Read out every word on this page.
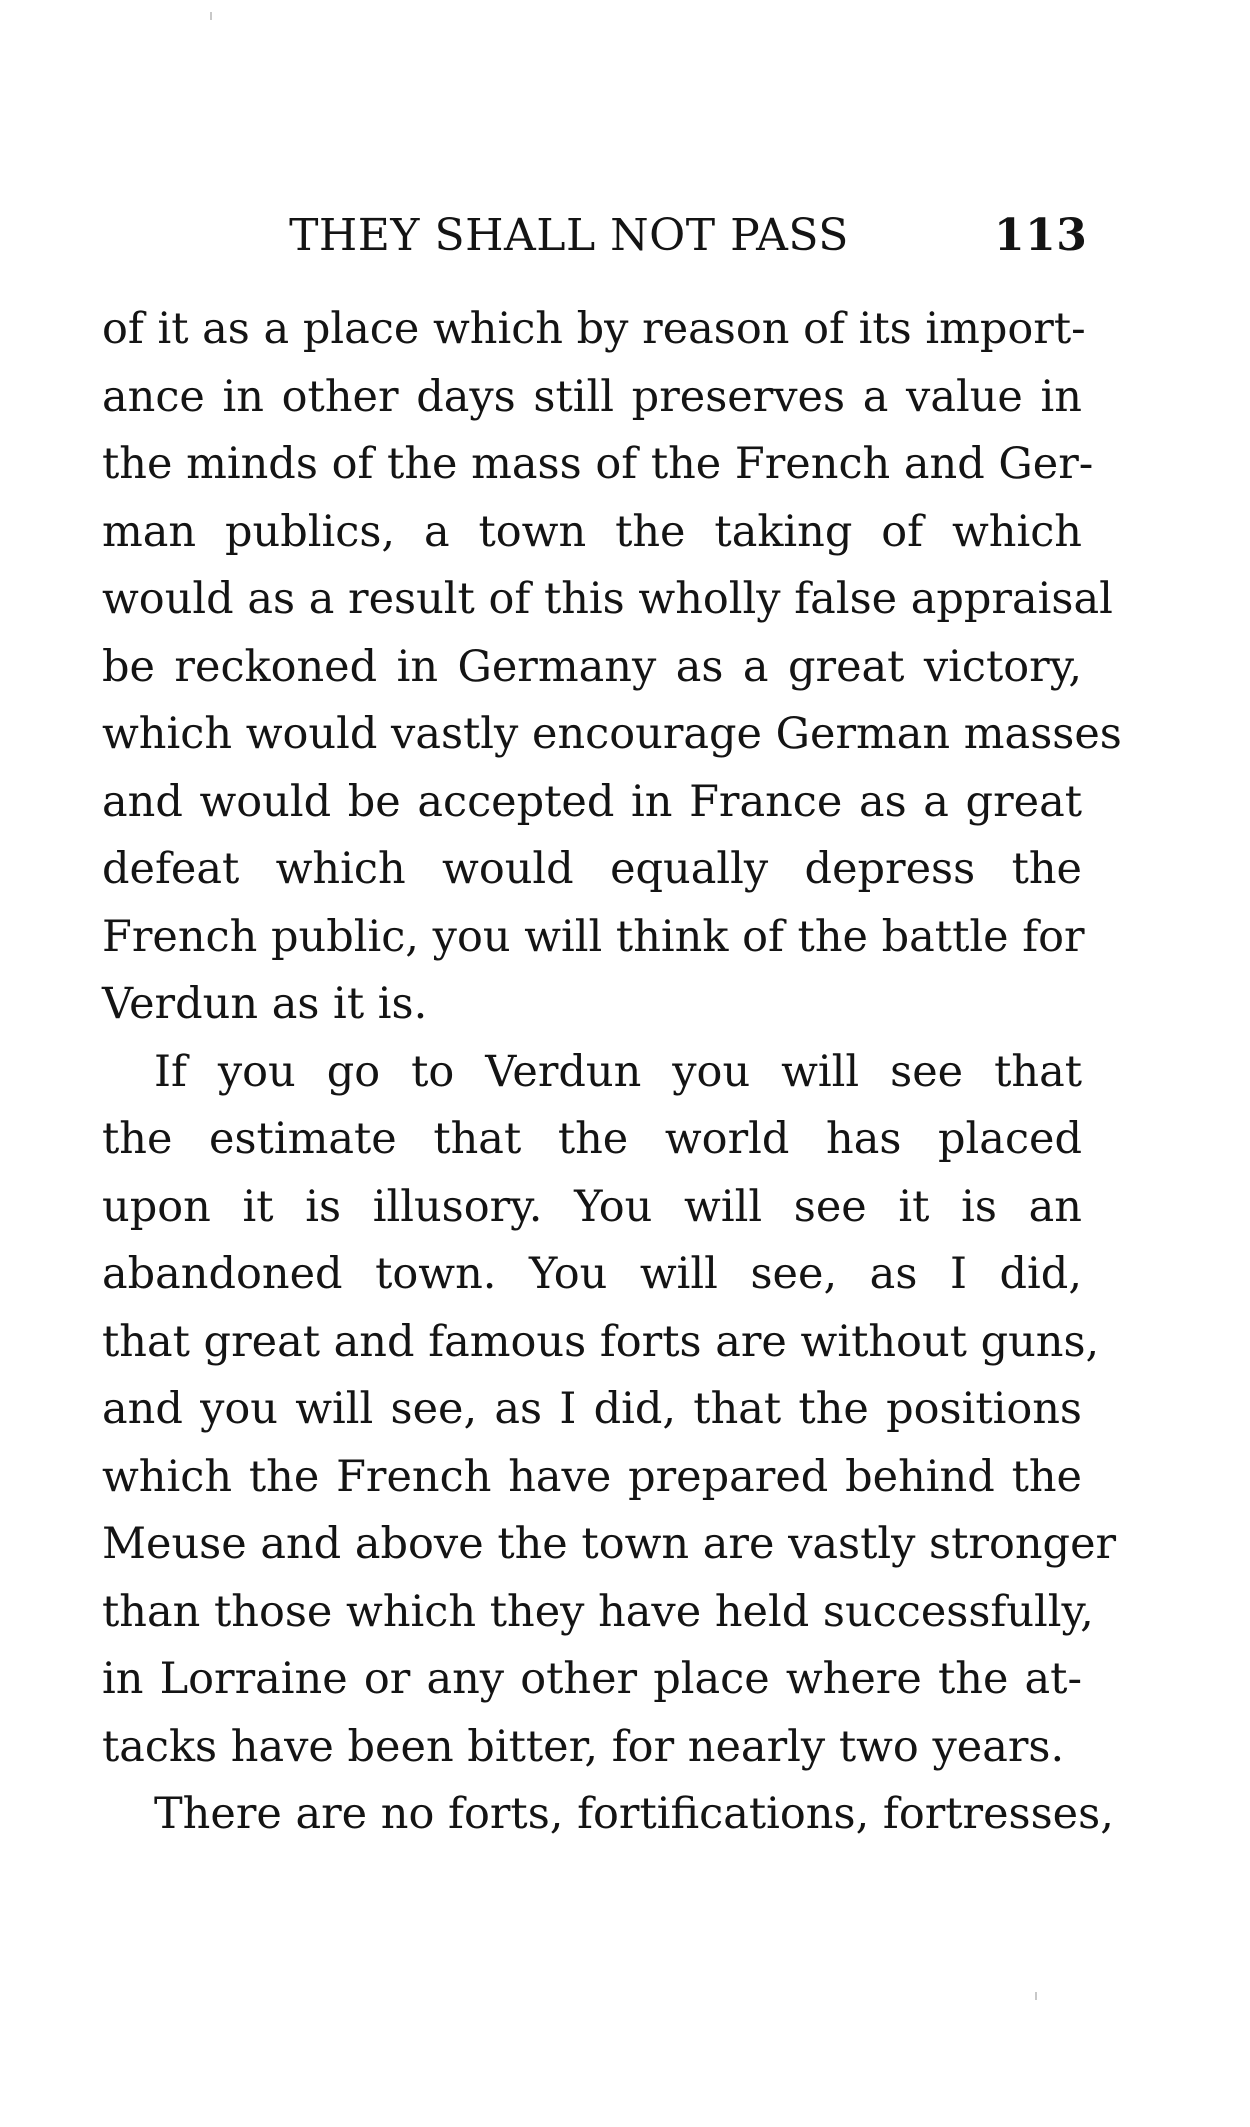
THEY SHALL NOT PASS	113

of it as a place which by reason of its import-
ance in other days still preserves a value in
the minds of the mass of the French and Ger-
man publics, a town the taking of which
would as a result of this wholly false appraisal
be reckoned in Germany as a great victory,
which would vastly encourage German masses
and would be accepted in France as a great
defeat which would equally depress the
French public, you will think of the battle for
Verdun as it is.

If you go to Verdun you will see that
the estimate that the world has placed
upon it is illusory. You will see it is an
abandoned town. You will see, as I did,
that great and famous forts are without guns,
and you will see, as I did, that the positions
which the French have prepared behind the
Meuse and above the town are vastly stronger
than those which they have held successfully,
in Lorraine or any other place where the at-
tacks have been bitter, for nearly two years.

There are no forts, fortifications, fortresses,
